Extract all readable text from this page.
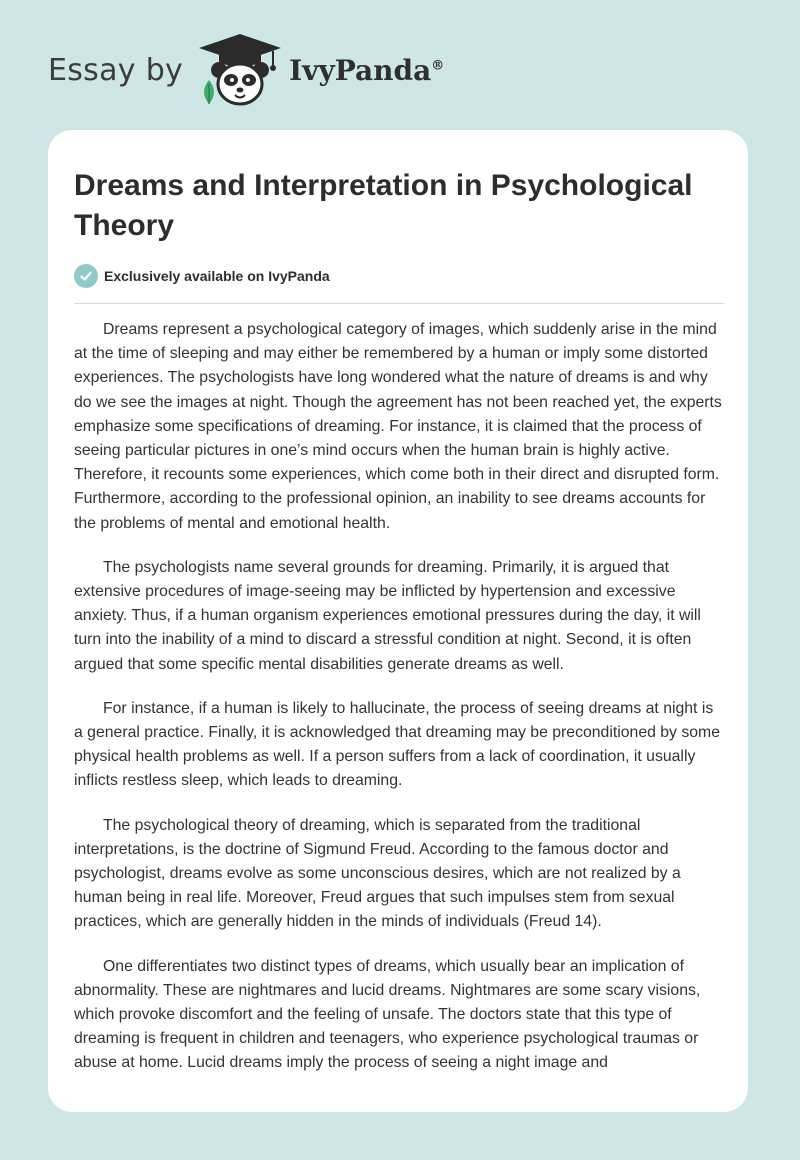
Essay by	IvyPanda®
Dreams and Interpretation in Psychological Theory
Exclusively available on IvyPanda

Dreams represent a psychological category of images, which suddenly arise in the mind at the time of sleeping and may either be remembered by a human or imply some distorted experiences. The psychologists have long wondered what the nature of dreams is and why do we see the images at night. Though the agreement has not been reached yet, the experts emphasize some specifications of dreaming. For instance, it is claimed that the process of seeing particular pictures in one’s mind occurs when the human brain is highly active. Therefore, it recounts some experiences, which come both in their direct and disrupted form. Furthermore, according to the professional opinion, an inability to see dreams accounts for the problems of mental and emotional health.

The psychologists name several grounds for dreaming. Primarily, it is argued that extensive procedures of image-seeing may be inflicted by hypertension and excessive anxiety. Thus, if a human organism experiences emotional pressures during the day, it will turn into the inability of a mind to discard a stressful condition at night. Second, it is often argued that some specific mental disabilities generate dreams as well.

For instance, if a human is likely to hallucinate, the process of seeing dreams at night is a general practice. Finally, it is acknowledged that dreaming may be preconditioned by some physical health problems as well. If a person suffers from a lack of coordination, it usually inflicts restless sleep, which leads to dreaming.

The psychological theory of dreaming, which is separated from the traditional interpretations, is the doctrine of Sigmund Freud. According to the famous doctor and psychologist, dreams evolve as some unconscious desires, which are not realized by a human being in real life. Moreover, Freud argues that such impulses stem from sexual practices, which are generally hidden in the minds of individuals (Freud 14).

One differentiates two distinct types of dreams, which usually bear an implication of abnormality. These are nightmares and lucid dreams. Nightmares are some scary visions, which provoke discomfort and the feeling of unsafe. The doctors state that this type of dreaming is frequent in children and teenagers, who experience psychological traumas or abuse at home. Lucid dreams imply the process of seeing a night image and
